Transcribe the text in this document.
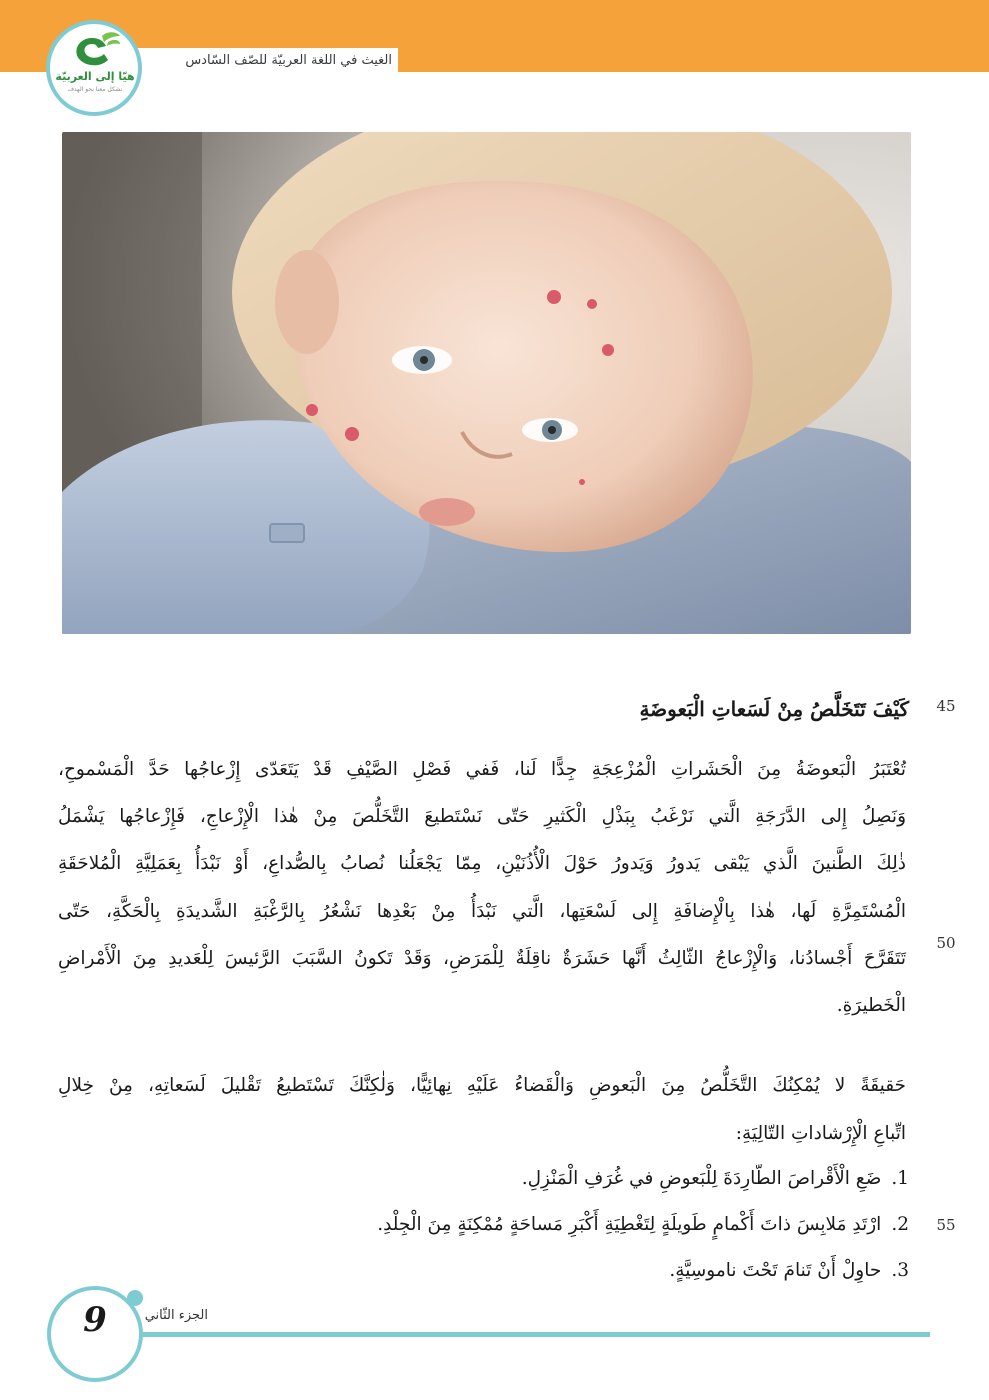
الغيث في اللغة العربيّة للصّف السّادس
هيّا إلى العربيّة
نشكل معنا نحو الهدف
45
كَيْفَ تَتَخَلَّصُ مِنْ لَسَعاتِ الْبَعوضَةِ
تُعْتَبَرُ الْبَعوضَةُ مِنَ الْحَشَراتِ الْمُزْعِجَةِ جِدًّا لَنا، فَفي فَصْلِ الصَّيْفِ قَدْ يَتَعَدّى إِزْعاجُها حَدَّ الْمَسْموحِ،
وَنَصِلُ إِلى الدَّرَجَةِ الَّتي نَرْغَبُ بِبَذْلِ الْكَثيرِ حَتّى نَسْتَطيعَ التَّخَلُّصَ مِنْ هٰذا الْإِزْعاجِ، فَإِزْعاجُها يَشْمَلُ
ذٰلِكَ الطَّنينَ الَّذي يَبْقى يَدورُ وَيَدورُ حَوْلَ الْأُذُنَيْنِ، مِمّا يَجْعَلُنا نُصابُ بِالصُّداعِ، أَوْ نَبْدَأُ بِعَمَلِيَّةِ الْمُلاحَقَةِ
الْمُسْتَمِرَّةِ لَها، هٰذا بِالْإِضافَةِ إِلى لَسْعَتِها، الَّتي نَبْدَأُ مِنْ بَعْدِها نَشْعُرُ بِالرَّغْبَةِ الشَّديدَةِ بِالْحَكَّةِ، حَتّى
تَتَقَرَّحَ أَجْسادُنا، وَالْإِزْعاجُ الثّالِثُ أَنَّها حَشَرَةٌ ناقِلَةٌ لِلْمَرَضِ، وَقَدْ تَكونُ السَّبَبَ الرَّئيسَ لِلْعَديدِ مِنَ الْأَمْراضِ
الْخَطيرَةِ.
50
حَقيقَةً لا يُمْكِنُكَ التَّخَلُّصُ مِنَ الْبَعوضِ وَالْقَضاءُ عَلَيْهِ نِهائِيًّا، وَلٰكِنَّكَ تَسْتَطيعُ تَقْليلَ لَسَعاتِهِ، مِنْ خِلالِ
اتِّباعِ الْإِرْشاداتِ التّالِيَةِ:
1.ضَعِ الْأَقْراصَ الطّارِدَةَ لِلْبَعوضِ في غُرَفِ الْمَنْزِلِ.
2.ارْتَدِ مَلابِسَ ذاتَ أَكْمامٍ طَويلَةٍ لِتَغْطِيَةِ أَكْبَرِ مَساحَةٍ مُمْكِنَةٍ مِنَ الْجِلْدِ.	55
3.حاوِلْ أَنْ تَنامَ تَحْتَ ناموسِيَّةٍ.
9	الجزء الثّاني
